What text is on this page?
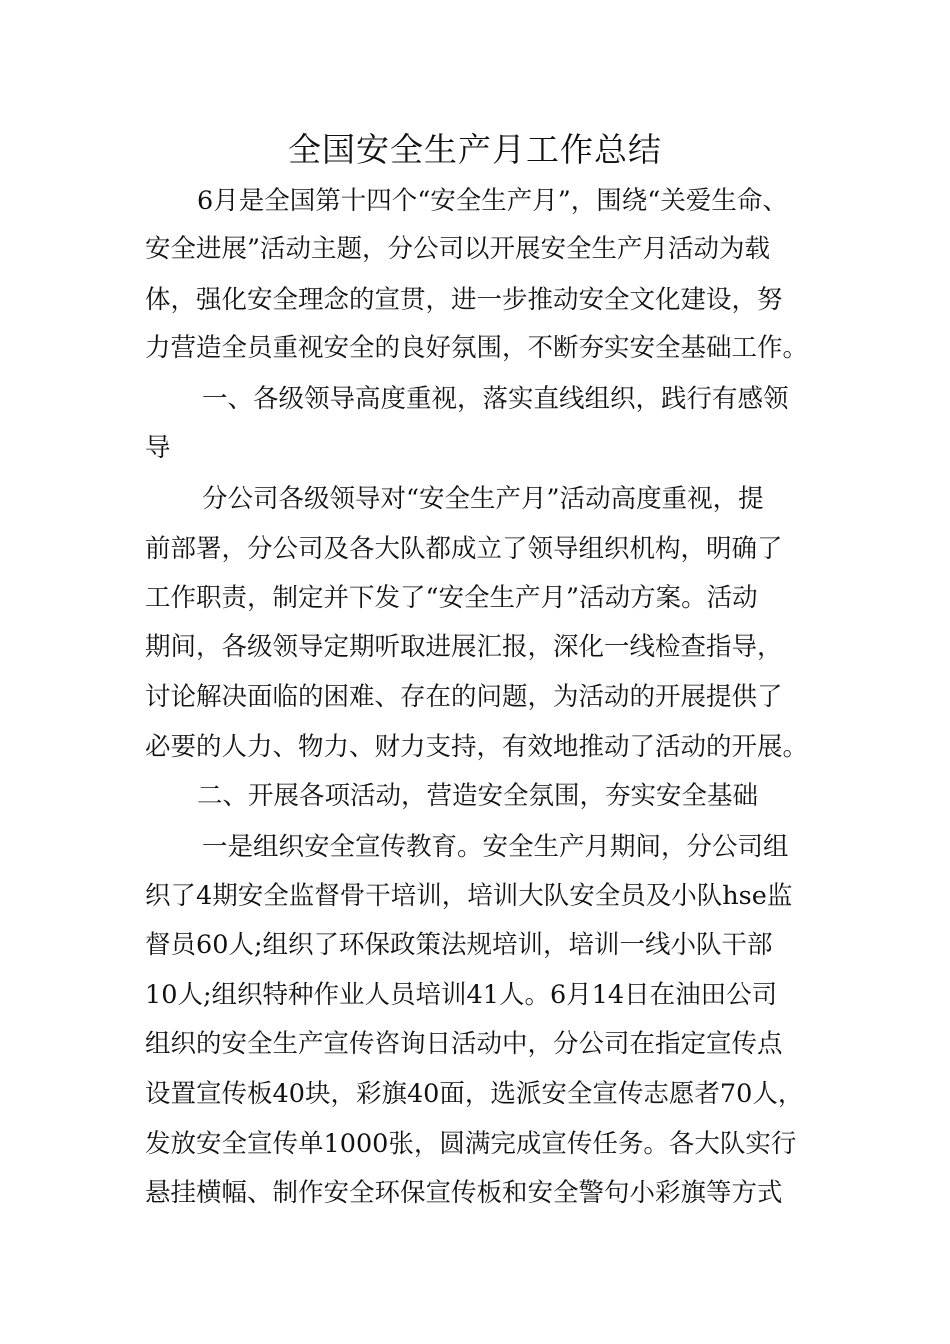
全国安全生产月工作总结
6月是全国第十四个“安全生产月”，围绕“关爱生命、
安全进展”活动主题，分公司以开展安全生产月活动为载
体，强化安全理念的宣贯，进一步推动安全文化建设，努
力营造全员重视安全的良好氛围，不断夯实安全基础工作。
一、各级领导高度重视，落实直线组织，践行有感领
导
分公司各级领导对“安全生产月”活动高度重视，提
前部署，分公司及各大队都成立了领导组织机构，明确了
工作职责，制定并下发了“安全生产月”活动方案。活动
期间，各级领导定期听取进展汇报，深化一线检查指导，
讨论解决面临的困难、存在的问题，为活动的开展提供了
必要的人力、物力、财力支持，有效地推动了活动的开展。
二、开展各项活动，营造安全氛围，夯实安全基础
一是组织安全宣传教育。安全生产月期间，分公司组
织了4期安全监督骨干培训，培训大队安全员及小队hse监
督员60人;组织了环保政策法规培训，培训一线小队干部
10人;组织特种作业人员培训41人。6月14日在油田公司
组织的安全生产宣传咨询日活动中，分公司在指定宣传点
设置宣传板40块，彩旗40面，选派安全宣传志愿者70人，
发放安全宣传单1000张，圆满完成宣传任务。各大队实行
悬挂横幅、制作安全环保宣传板和安全警句小彩旗等方式
